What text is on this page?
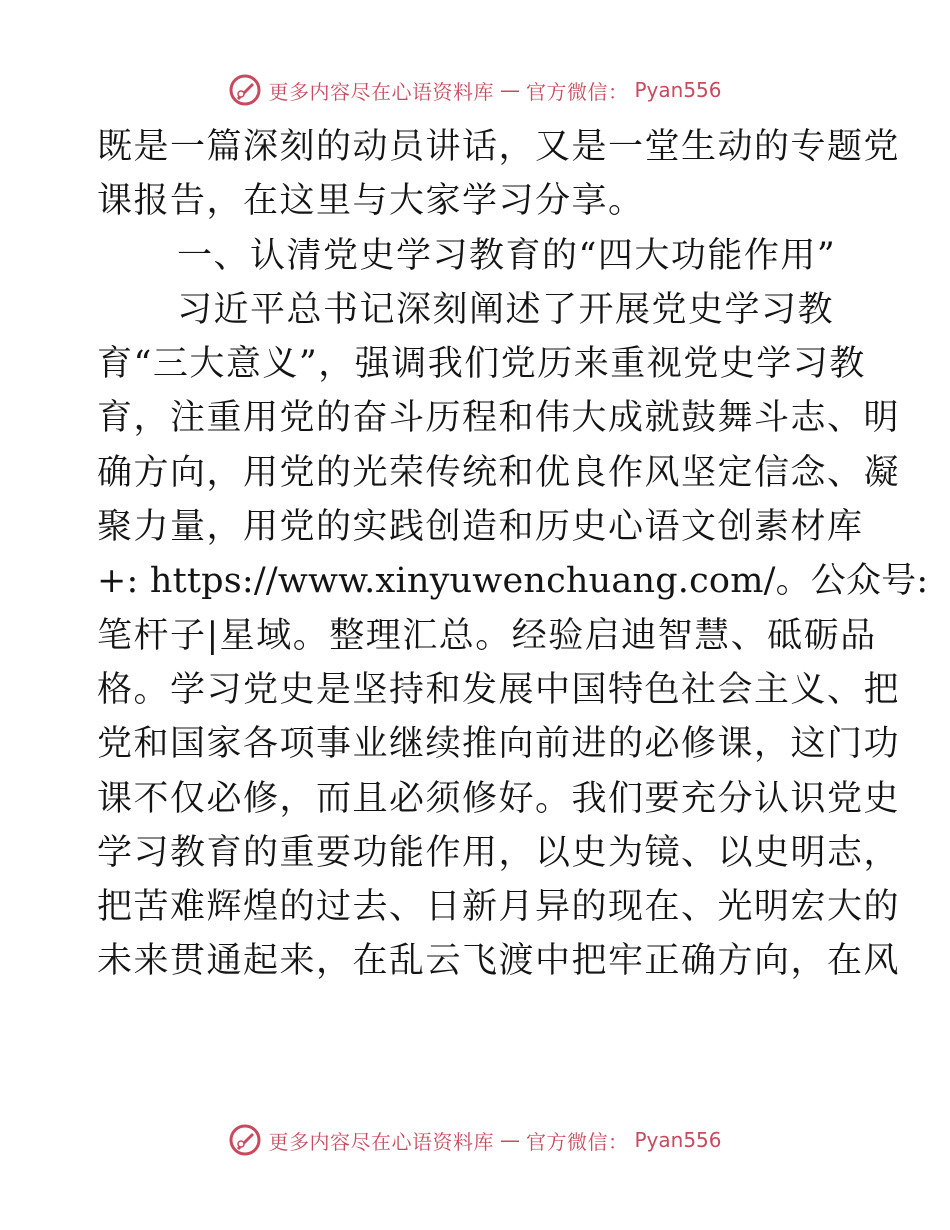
更多内容尽在心语资料库 — 官方微信： Pyan556
既是一篇深刻的动员讲话，又是一堂生动的专题党
课报告，在这里与大家学习分享。
一、认清党史学习教育的“四大功能作用”
习近平总书记深刻阐述了开展党史学习教
育“三大意义”，强调我们党历来重视党史学习教
育，注重用党的奋斗历程和伟大成就鼓舞斗志、明
确方向，用党的光荣传统和优良作风坚定信念、凝
聚力量，用党的实践创造和历史心语文创素材库
+: https://www.xinyuwenchuang.com/。公众号:
笔杆子|星域。整理汇总。经验启迪智慧、砥砺品
格。学习党史是坚持和发展中国特色社会主义、把
党和国家各项事业继续推向前进的必修课，这门功
课不仅必修，而且必须修好。我们要充分认识党史
学习教育的重要功能作用，以史为镜、以史明志，
把苦难辉煌的过去、日新月异的现在、光明宏大的
未来贯通起来，在乱云飞渡中把牢正确方向，在风
更多内容尽在心语资料库 — 官方微信： Pyan556
